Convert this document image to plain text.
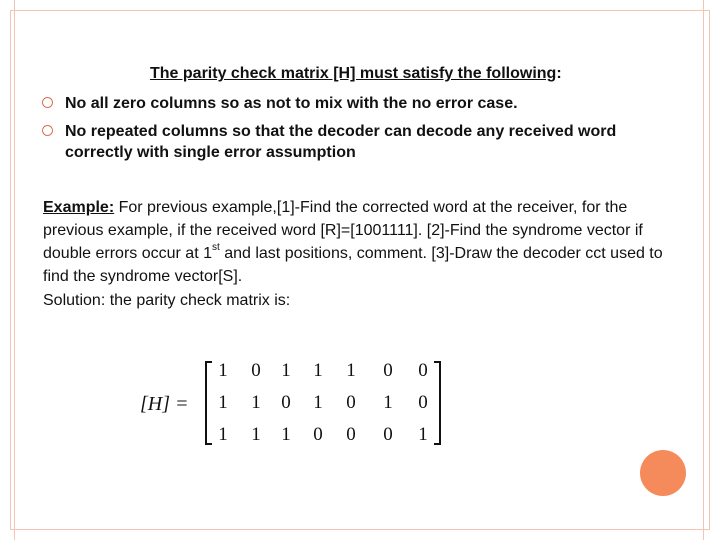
The parity check matrix [H] must satisfy the following:
No all zero columns so as not to mix with the no error case.
No repeated columns so that the decoder can decode any received word correctly with single error assumption
Example: For previous example,[1]-Find the corrected word at the receiver, for the previous example, if the received word [R]=[1001111]. [2]-Find the syndrome vector if double errors occur at 1st and last positions, comment. [3]-Draw the decoder cct used to find the syndrome vector[S].
Solution: the parity check matrix is:
[H] =
1 0 1 1 1 0 0
1 1 0 1 0 1 0
1 1 1 0 0 0 1
